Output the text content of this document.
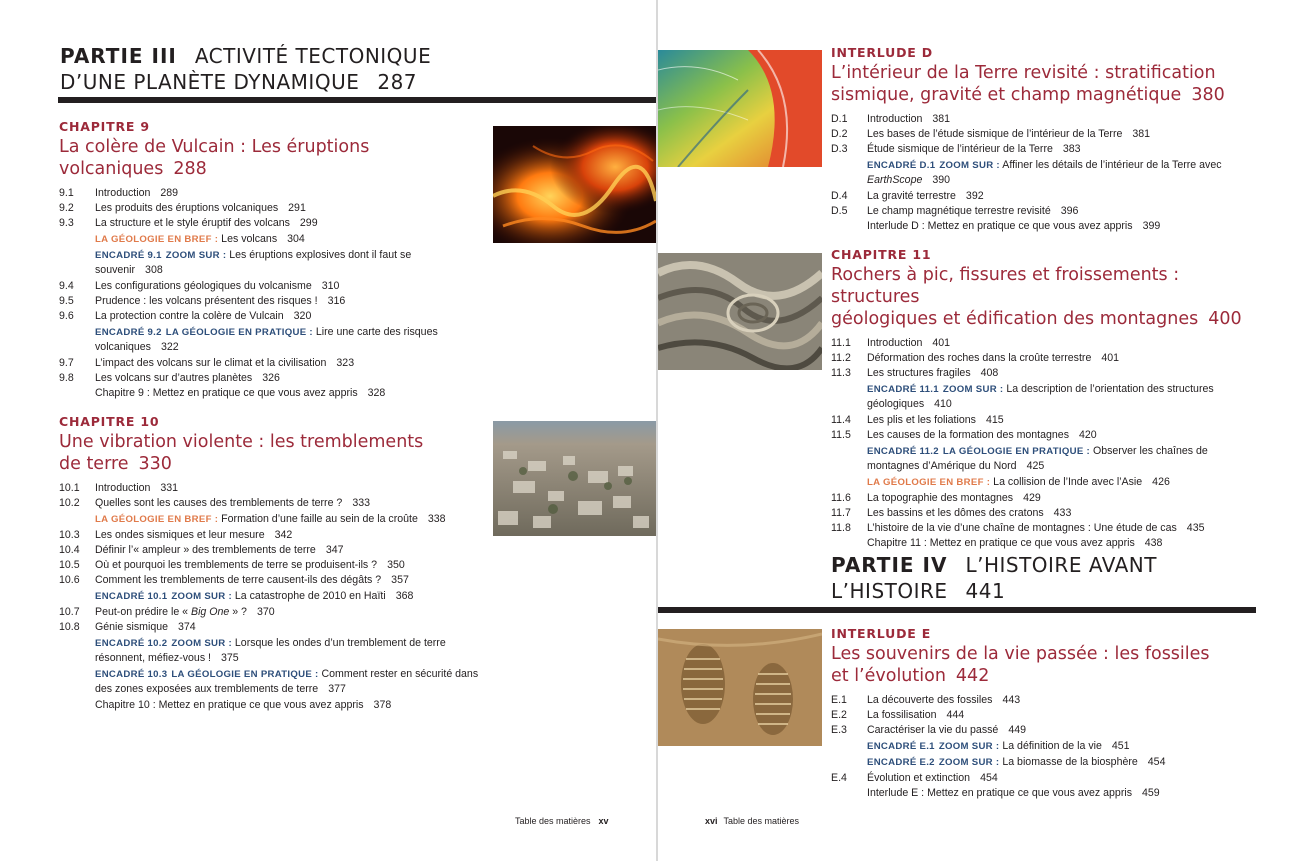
PARTIE III ACTIVITÉ TECTONIQUE
D’UNE PLANÈTE DYNAMIQUE 287
CHAPITRE 9
La colère de Vulcain : Les éruptions
volcaniques 288
9.1	Introduction 289
9.2	Les produits des éruptions volcaniques 291
9.3	La structure et le style éruptif des volcans 299
LA GÉOLOGIE EN BREF : Les volcans 304
ENCADRÉ 9.1 ZOOM SUR : Les éruptions explosives dont il faut se
souvenir 308
9.4	Les configurations géologiques du volcanisme 310
9.5	Prudence : les volcans présentent des risques ! 316
9.6	La protection contre la colère de Vulcain 320
ENCADRÉ 9.2 LA GÉOLOGIE EN PRATIQUE : Lire une carte des risques
volcaniques 322
9.7	L’impact des volcans sur le climat et la civilisation 323
9.8	Les volcans sur d’autres planètes 326
Chapitre 9 : Mettez en pratique ce que vous avez appris 328
CHAPITRE 10
Une vibration violente : les tremblements
de terre 330
10.1	Introduction 331
10.2	Quelles sont les causes des tremblements de terre ? 333
LA GÉOLOGIE EN BREF : Formation d’une faille au sein de la croûte 338
10.3	Les ondes sismiques et leur mesure 342
10.4	Définir l’« ampleur » des tremblements de terre 347
10.5	Où et pourquoi les tremblements de terre se produisent-ils ? 350
10.6	Comment les tremblements de terre causent-ils des dégâts ? 357
ENCADRÉ 10.1 ZOOM SUR : La catastrophe de 2010 en Haïti 368
10.7	Peut-on prédire le « Big One » ? 370
10.8	Génie sismique 374
ENCADRÉ 10.2 ZOOM SUR : Lorsque les ondes d’un tremblement de terre
résonnent, méfiez-vous ! 375
ENCADRÉ 10.3 LA GÉOLOGIE EN PRATIQUE : Comment rester en sécurité dans
des zones exposées aux tremblements de terre 377
Chapitre 10 : Mettez en pratique ce que vous avez appris 378
Table des matières xv
INTERLUDE D
L’intérieur de la Terre revisité : stratification
sismique, gravité et champ magnétique 380
D.1	Introduction 381
D.2	Les bases de l’étude sismique de l’intérieur de la Terre 381
D.3	Étude sismique de l’intérieur de la Terre 383
ENCADRÉ D.1 ZOOM SUR : Affiner les détails de l’intérieur de la Terre avec
EarthScope 390
D.4	La gravité terrestre 392
D.5	Le champ magnétique terrestre revisité 396
Interlude D : Mettez en pratique ce que vous avez appris 399
CHAPITRE 11
Rochers à pic, fissures et froissements : structures
géologiques et édification des montagnes 400
11.1	Introduction 401
11.2	Déformation des roches dans la croûte terrestre 401
11.3	Les structures fragiles 408
ENCADRÉ 11.1 ZOOM SUR : La description de l’orientation des structures
géologiques 410
11.4	Les plis et les foliations 415
11.5	Les causes de la formation des montagnes 420
ENCADRÉ 11.2 LA GÉOLOGIE EN PRATIQUE : Observer les chaînes de
montagnes d’Amérique du Nord 425
LA GÉOLOGIE EN BREF : La collision de l’Inde avec l’Asie 426
11.6	La topographie des montagnes 429
11.7	Les bassins et les dômes des cratons 433
11.8	L’histoire de la vie d’une chaîne de montagnes : Une étude de cas 435
Chapitre 11 : Mettez en pratique ce que vous avez appris 438
PARTIE IV L’HISTOIRE AVANT
L’HISTOIRE 441
INTERLUDE E
Les souvenirs de la vie passée : les fossiles
et l’évolution 442
E.1	La découverte des fossiles 443
E.2	La fossilisation 444
E.3	Caractériser la vie du passé 449
ENCADRÉ E.1 ZOOM SUR : La définition de la vie 451
ENCADRÉ E.2 ZOOM SUR : La biomasse de la biosphère 454
E.4	Évolution et extinction 454
Interlude E : Mettez en pratique ce que vous avez appris 459
xvi Table des matières
